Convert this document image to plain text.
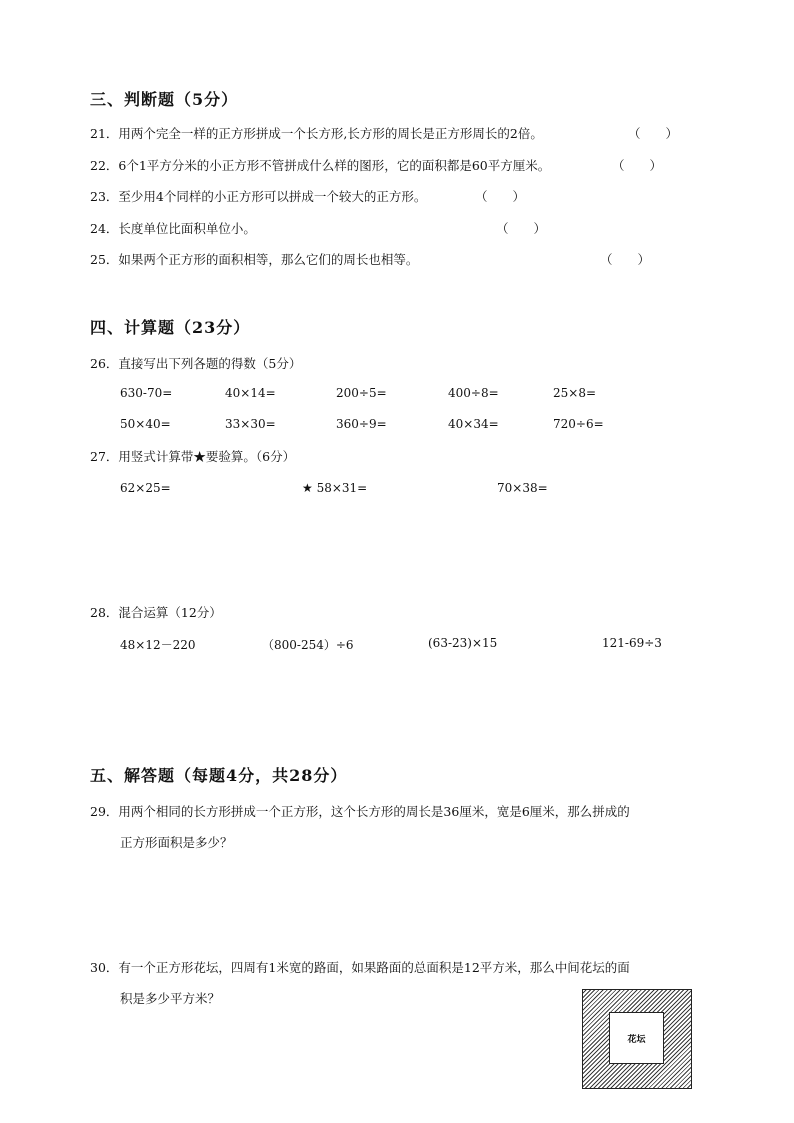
三、判断题（5分）
21．用两个完全一样的正方形拼成一个长方形,长方形的周长是正方形周长的2倍。	（　　）
22．6个1平方分米的小正方形不管拼成什么样的图形，它的面积都是60平方厘米。	（　　）
23．至少用4个同样的小正方形可以拼成一个较大的正方形。	（　　）
24．长度单位比面积单位小。	（　　）
25．如果两个正方形的面积相等，那么它们的周长也相等。	（　　）
四、计算题（23分）
26．直接写出下列各题的得数（5分）
630-70=	40×14=	200÷5=	400÷8=	25×8=
50×40=	33×30=	360÷9=	40×34=	720÷6=
27．用竖式计算带★要验算。（6分）
62×25=	★ 58×31=	70×38=
28．混合运算（12分）
48×12－220	（800-254）÷6	(63-23)×15	121-69÷3
五、解答题（每题4分，共28分）
29．用两个相同的长方形拼成一个正方形，这个长方形的周长是36厘米，宽是6厘米，那么拼成的
正方形面积是多少？
30．有一个正方形花坛，四周有1米宽的路面，如果路面的总面积是12平方米，那么中间花坛的面
积是多少平方米？
花坛
